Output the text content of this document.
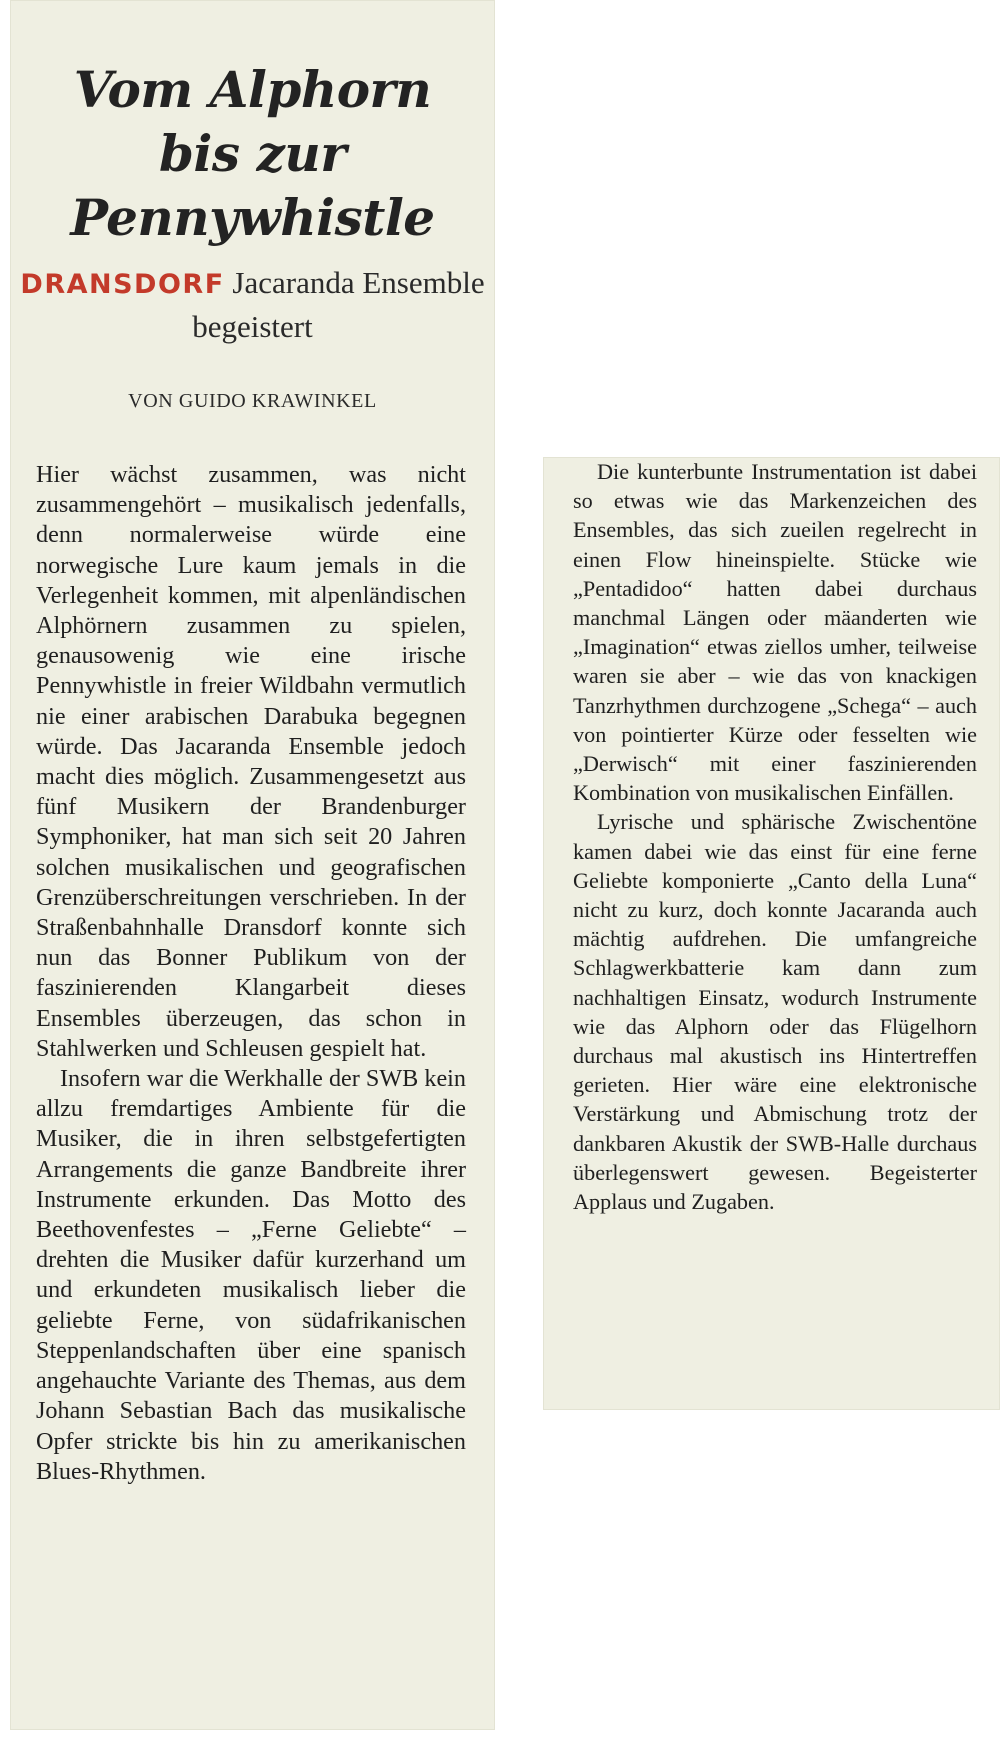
Vom Alphorn
bis zur
Pennywhistle
DRANSDORF Jacaranda Ensemble begeistert
VON GUIDO KRAWINKEL

Hier wächst zusammen, was nicht zusammengehört – musikalisch jedenfalls, denn normalerweise würde eine norwegische Lure kaum jemals in die Verlegenheit kommen, mit alpenländischen Alphörnern zusammen zu spielen, genausowenig wie eine irische Pennywhistle in freier Wildbahn vermutlich nie einer arabischen Darabuka begegnen würde. Das Jacaranda Ensemble jedoch macht dies möglich. Zusammengesetzt aus fünf Musikern der Brandenburger Symphoniker, hat man sich seit 20 Jahren solchen musikalischen und geografischen Grenzüberschreitungen verschrieben. In der Straßenbahnhalle Dransdorf konnte sich nun das Bonner Publikum von der faszinierenden Klangarbeit dieses Ensembles überzeugen, das schon in Stahlwerken und Schleusen gespielt hat.

Insofern war die Werkhalle der SWB kein allzu fremdartiges Ambiente für die Musiker, die in ihren selbstgefertigten Arrangements die ganze Bandbreite ihrer Instrumente erkunden. Das Motto des Beethovenfestes – „Ferne Geliebte“ – drehten die Musiker dafür kurzerhand um und erkundeten musikalisch lieber die geliebte Ferne, von südafrikanischen Steppenlandschaften über eine spanisch angehauchte Variante des Themas, aus dem Johann Sebastian Bach das musikalische Opfer strickte bis hin zu amerikanischen Blues-Rhythmen.

Die kunterbunte Instrumentation ist dabei so etwas wie das Markenzeichen des Ensembles, das sich zueilen regelrecht in einen Flow hineinspielte. Stücke wie „Pentadidoo“ hatten dabei durchaus manchmal Längen oder mäanderten wie „Imagination“ etwas ziellos umher, teilweise waren sie aber – wie das von knackigen Tanzrhythmen durchzogene „Schega“ – auch von pointierter Kürze oder fesselten wie „Derwisch“ mit einer faszinierenden Kombination von musikalischen Einfällen.

Lyrische und sphärische Zwischentöne kamen dabei wie das einst für eine ferne Geliebte komponierte „Canto della Luna“ nicht zu kurz, doch konnte Jacaranda auch mächtig aufdrehen. Die umfangreiche Schlagwerkbatterie kam dann zum nachhaltigen Einsatz, wodurch Instrumente wie das Alphorn oder das Flügelhorn durchaus mal akustisch ins Hintertreffen gerieten. Hier wäre eine elektronische Verstärkung und Abmischung trotz der dankbaren Akustik der SWB-Halle durchaus überlegenswert gewesen. Begeisterter Applaus und Zugaben.
